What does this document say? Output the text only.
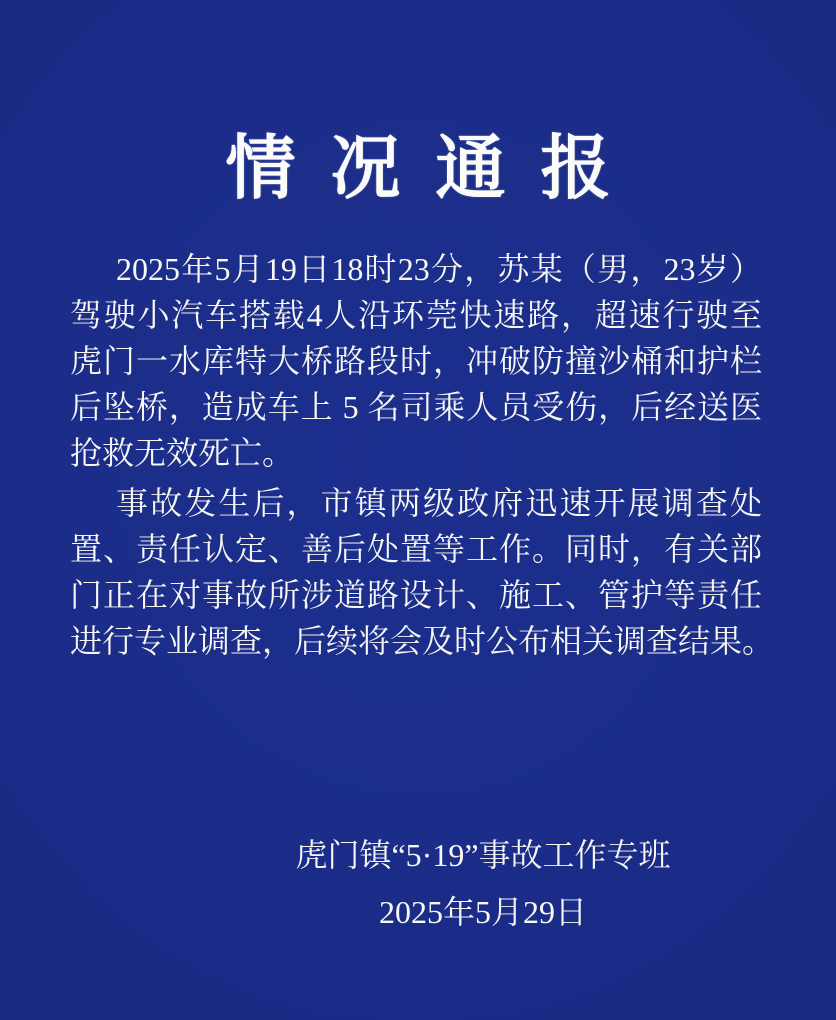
情况通报
2025年5月19日18时23分，苏某（男，23岁）
驾驶小汽车搭载4人沿环莞快速路，超速行驶至
虎门一水库特大桥路段时，冲破防撞沙桶和护栏
后坠桥，造成车上 5 名司乘人员受伤，后经送医
抢救无效死亡。
事故发生后，市镇两级政府迅速开展调查处
置、责任认定、善后处置等工作。同时，有关部
门正在对事故所涉道路设计、施工、管护等责任
进行专业调查，后续将会及时公布相关调查结果。
虎门镇“5·19”事故工作专班
2025年5月29日
